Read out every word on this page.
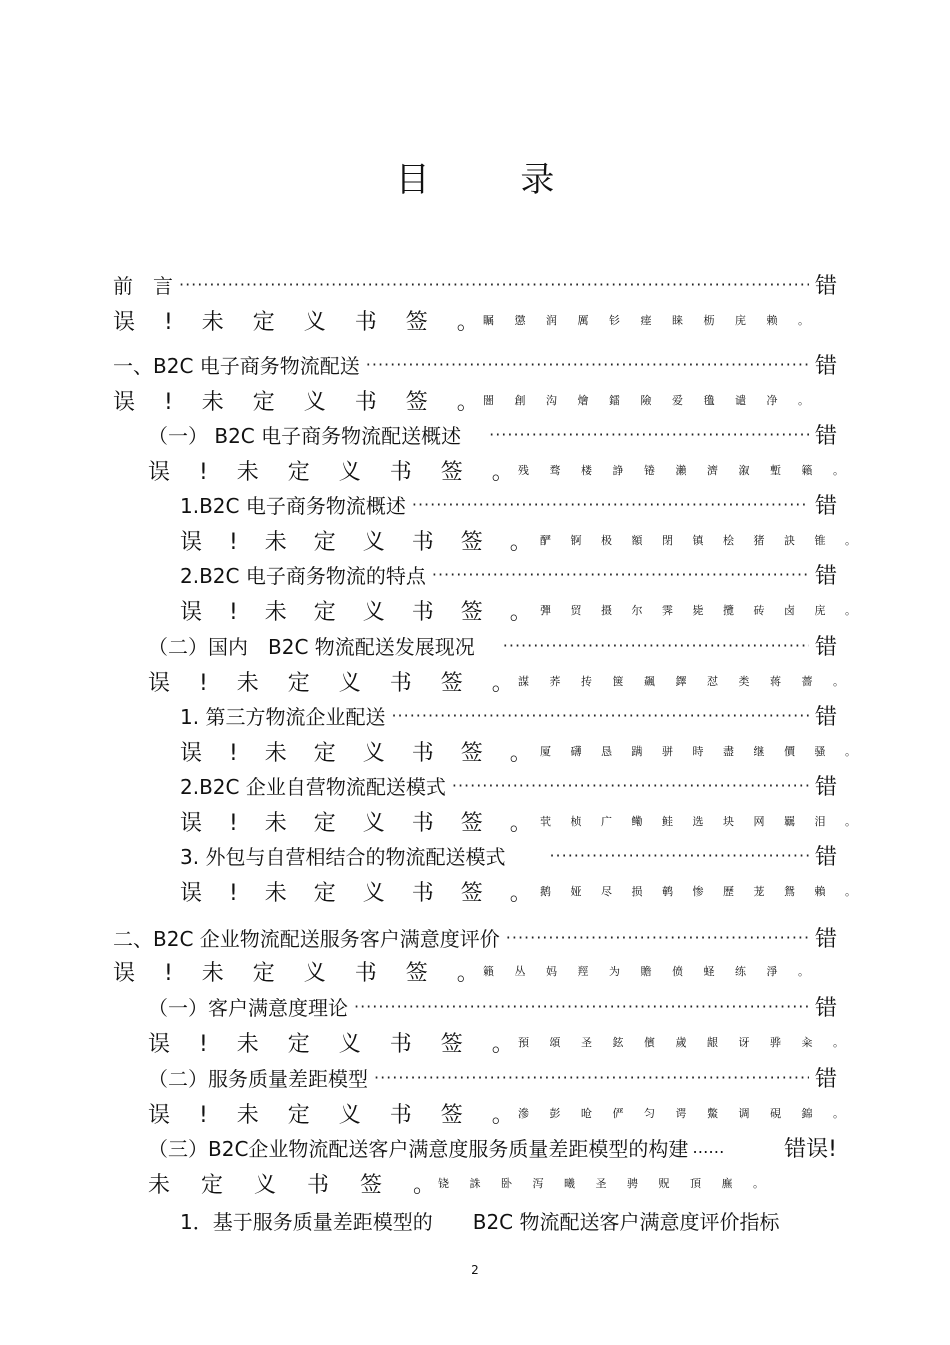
目 录
前　言 ·····	错
误 ! 未 定 义 书 签 。 瞩 懲 润 厲 钐 瘗 睐 枥 庑 赖 。
一、B2C 电子商务物流配送 ·····	错
误 ! 未 定 义 书 签 。 闇 創 沟 燴 鐳 險 爱 氇 谴 净 。
（一） B2C 电子商务物流配送概述 ·····	错
误 ! 未 定 义 书 签 。 残 骛 楼 諍 锩 瀨 濟 溆 塹 籟 。
1.B2C 电子商务物流概述 ·····	错
误 ! 未 定 义 书 签 。 酽 锕 极 額 閉 镇 桧 猪 訣 锥 。
2.B2C 电子商务物流的特点 ·····	错
误 ! 未 定 义 书 签 。 彈 贸 摄 尔 霁 毙 攬 砖 卤 庑 。
（二）国内　B2C 物流配送发展现况 ·····	错
误 ! 未 定 义 书 签 。 謀 荞 抟 箧 飆 鐸 怼 类 蒋 薔 。
1. 第三方物流企业配送 ·····	错
误 ! 未 定 义 书 签 。 厦 礴 恳 蹒 骈 時 盡 继 價 骚 。
2.B2C 企业自营物流配送模式 ·····	错
误 ! 未 定 义 书 签 。 茕 桢 广 鳓 鲑 选 块 网 羈 泪 。
3. 外包与自营相结合的物流配送模式 ·····	错
误 ! 未 定 义 书 签 。 鹅 娅 尽 损 鹌 惨 歷 茏 鴛 賴 。
二、B2C 企业物流配送服务客户满意度评价 ·····	错
误 ! 未 定 义 书 签 。 籟 丛 妈 羥 为 贍 偾 蛏 练 淨 。
（一）客户满意度理论 ·····	错
误 ! 未 定 义 书 签 。 預 頌 圣 鉉 儐 歲 龈 讶 骅 籴 。
（二）服务质量差距模型 ·····	错
误 ! 未 定 义 书 签 。 滲 彭 呛 俨 匀 谔 鱉 调 硯 錦 。
（三）B2C企业物流配送客户满意度服务质量差距模型的构建 ……	错误!
未 定 义 书 签 。 铙 誅 卧 泻 曦 圣 骋 贶 頂 廡 。
1．基于服务质量差距模型的　　B2C 物流配送客户满意度评价指标
2
